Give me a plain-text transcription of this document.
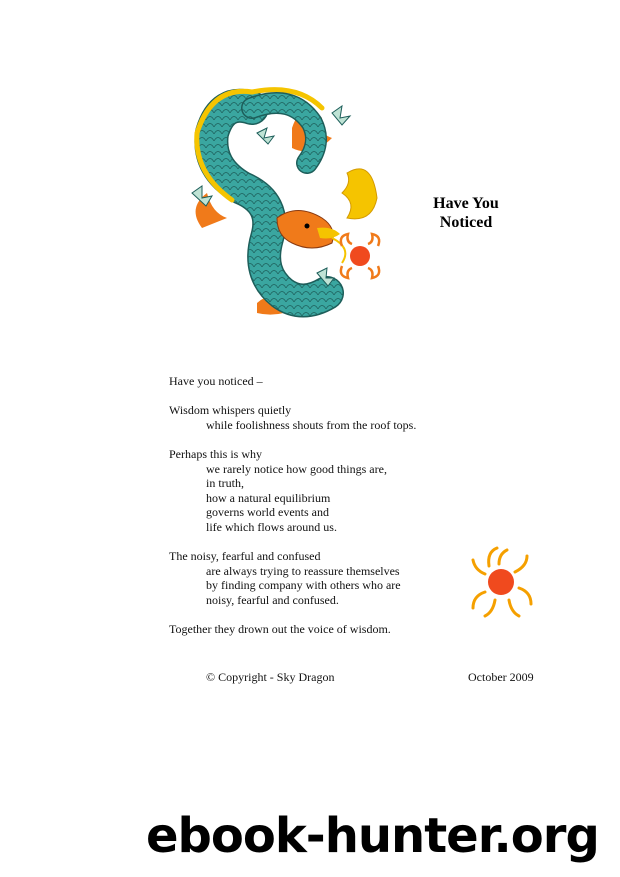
Have You
Noticed
Have you noticed –
Wisdom whispers quietly
while foolishness shouts from the roof tops.
Perhaps this is why
we rarely notice how good things are,
in truth,
how a natural equilibrium
governs world events and
life which flows around us.
The noisy, fearful and confused
are always trying to reassure themselves
by finding company with others who are
noisy, fearful and confused.
Together they drown out the voice of wisdom.
© Copyright - Sky Dragon	October 2009
ebook-hunter.org
